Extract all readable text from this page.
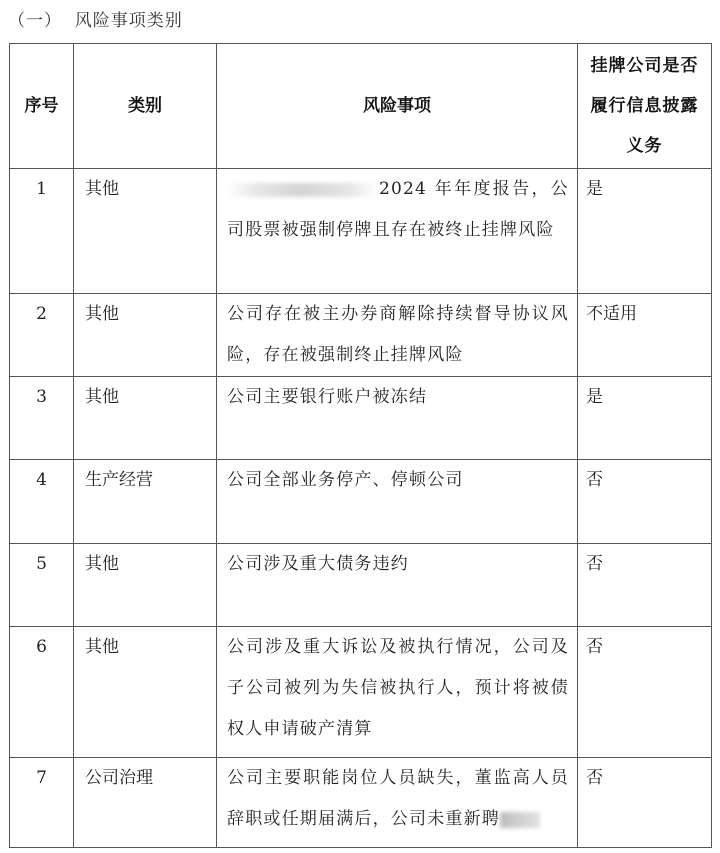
（一）  风险事项类别
序号	类别	风险事项	挂牌公司是否履行信息披露义务
1	其他	2024 年年度报告，公司股票被强制停牌且存在被终止挂牌风险	是
2	其他	公司存在被主办券商解除持续督导协议风险，存在被强制终止挂牌风险	不适用
3	其他	公司主要银行账户被冻结	是
4	生产经营	公司全部业务停产、停顿公司	否
5	其他	公司涉及重大债务违约	否
6	其他	公司涉及重大诉讼及被执行情况，公司及子公司被列为失信被执行人，预计将被债权人申请破产清算	否
7	公司治理	公司主要职能岗位人员缺失，董监高人员辞职或任期届满后，公司未重新聘	否
